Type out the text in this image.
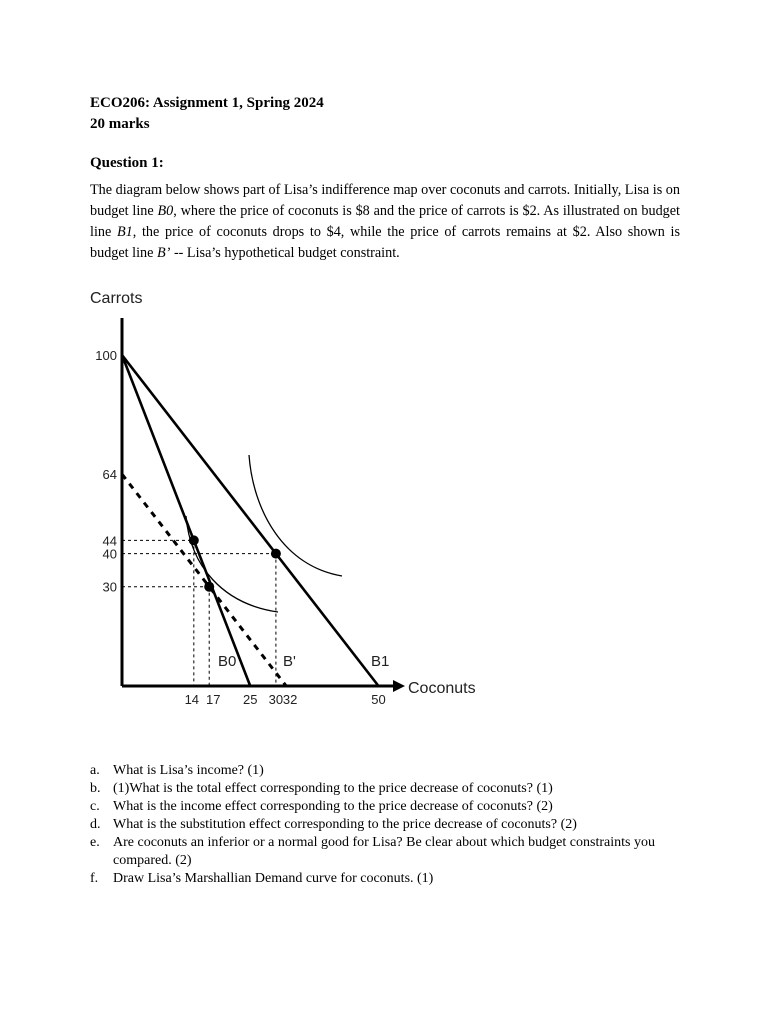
ECO206: Assignment 1, Spring 2024
20 marks
Question 1:
The diagram below shows part of Lisa’s indifference map over coconuts and carrots. Initially, Lisa is on budget line B0, where the price of coconuts is $8 and the price of carrots is $2. As illustrated on budget line B1, the price of coconuts drops to $4, while the price of carrots remains at $2. Also shown is budget line B’ -- Lisa’s hypothetical budget constraint.
Carrots
Coconuts
100
64
44
40
30
14 17 25 30 32	50
B0	B'	B1
a. What is Lisa’s income? (1)
b. (1)What is the total effect corresponding to the price decrease of coconuts? (1)
c. What is the income effect corresponding to the price decrease of coconuts? (2)
d. What is the substitution effect corresponding to the price decrease of coconuts? (2)
e. Are coconuts an inferior or a normal good for Lisa? Be clear about which budget constraints you compared. (2)
f. Draw Lisa’s Marshallian Demand curve for coconuts. (1)
